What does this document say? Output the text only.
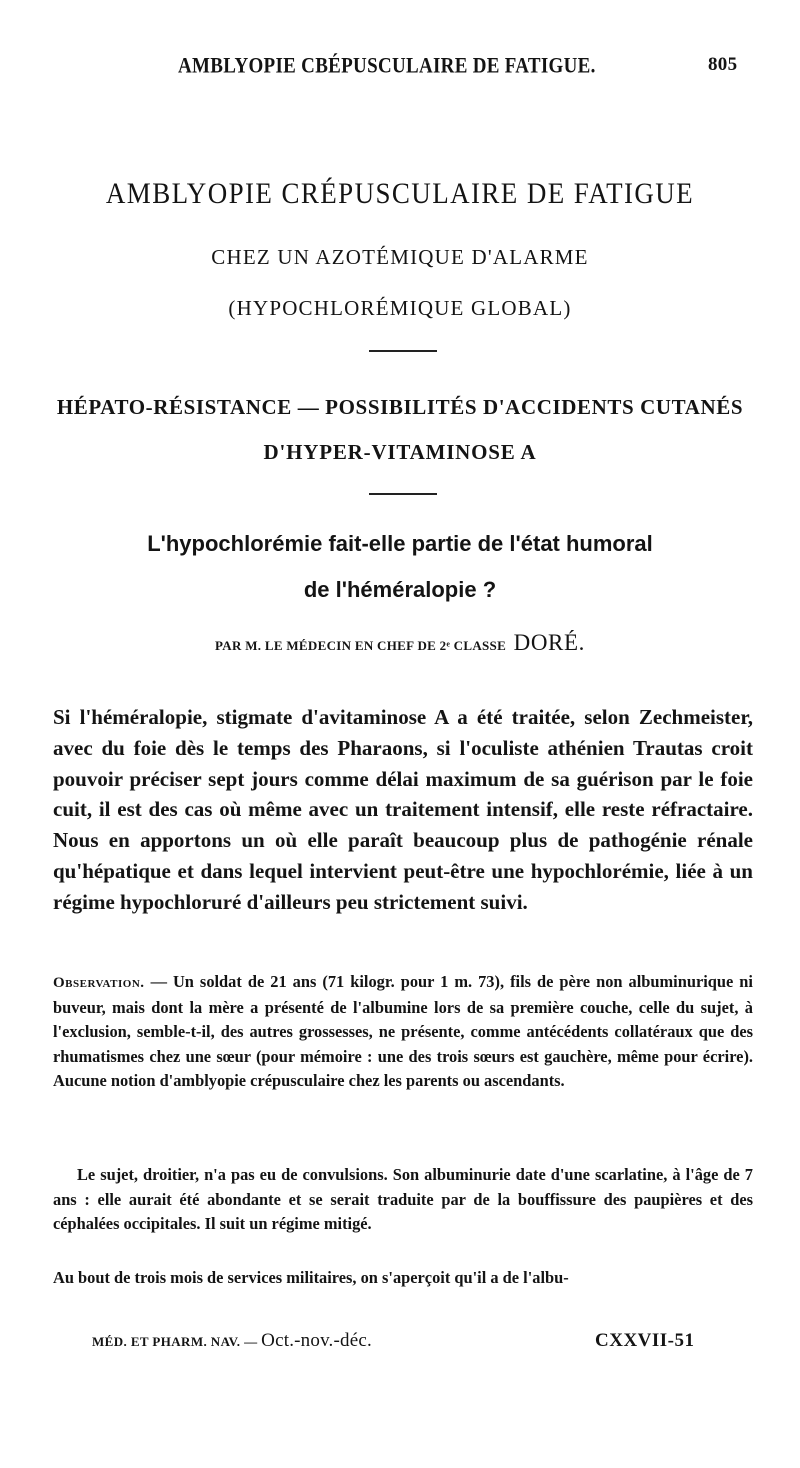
AMBLYOPIE CBÉPUSCULAIRE DE FATIGUE.	805
AMBLYOPIE CRÉPUSCULAIRE DE FATIGUE
CHEZ UN AZOTÉMIQUE D'ALARME
(HYPOCHLORÉMIQUE GLOBAL)
HÉPATO-RÉSISTANCE — POSSIBILITÉS D'ACCIDENTS CUTANÉS
D'HYPER-VITAMINOSE A
L'hypochlorémie fait-elle partie de l'état humoral
de l'héméralopie ?
PAR M. LE MÉDECIN EN CHEF DE 2ᵉ CLASSE DORÉ.

Si l'héméralopie, stigmate d'avitaminose A a été traitée, selon Zechmeister, avec du foie dès le temps des Pharaons, si l'oculiste athénien Trautas croit pouvoir préciser sept jours comme délai maximum de sa guérison par le foie cuit, il est des cas où même avec un traitement intensif, elle reste réfractaire. Nous en apportons un où elle paraît beaucoup plus de pathogénie rénale qu'hépatique et dans lequel intervient peut-être une hypochlorémie, liée à un régime hypochloruré d'ailleurs peu strictement suivi.

Observation. — Un soldat de 21 ans (71 kilogr. pour 1 m. 73), fils de père non albuminurique ni buveur, mais dont la mère a présenté de l'albumine lors de sa première couche, celle du sujet, à l'exclusion, semble-t-il, des autres grossesses, ne présente, comme antécédents collatéraux que des rhumatismes chez une sœur (pour mémoire : une des trois sœurs est gauchère, même pour écrire). Aucune notion d'amblyopie crépusculaire chez les parents ou ascendants.

Le sujet, droitier, n'a pas eu de convulsions. Son albuminurie date d'une scarlatine, à l'âge de 7 ans : elle aurait été abondante et se serait traduite par de la bouffissure des paupières et des céphalées occipitales. Il suit un régime mitigé.

Au bout de trois mois de services militaires, on s'aperçoit qu'il a de l'albu-

MÉD. ET PHARM. NAV. — Oct.-nov.-déc.	CXXVII-51
